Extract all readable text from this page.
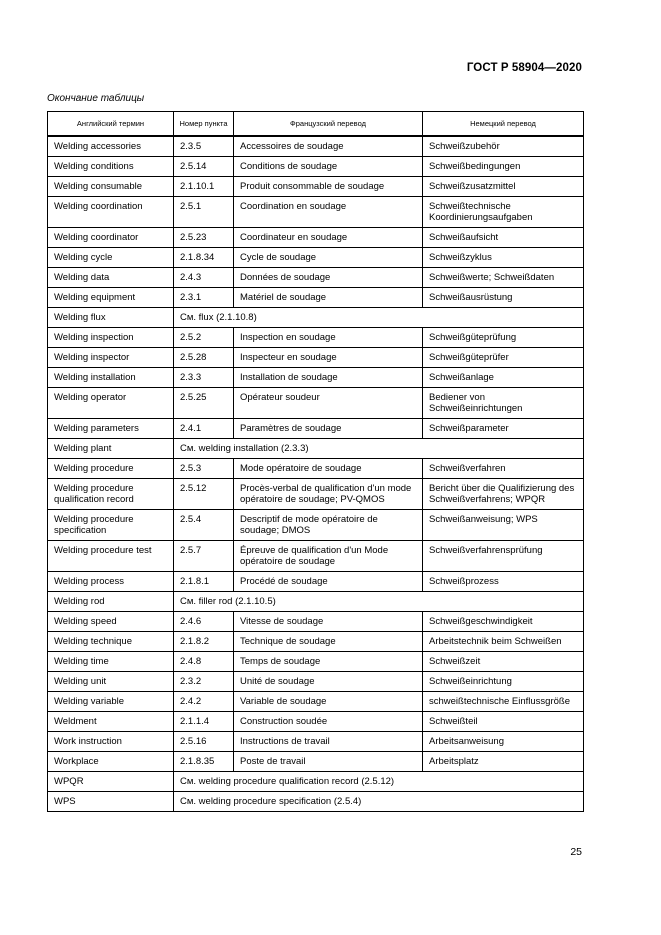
ГОСТ Р 58904—2020
Окончание таблицы
Английский термин	Номер пункта	Французский перевод	Немецкий перевод
Welding accessories	2.3.5	Accessoires de soudage	Schweißzubehör
Welding conditions	2.5.14	Conditions de soudage	Schweißbedingungen
Welding consumable	2.1.10.1	Produit consommable de soudage	Schweißzusatzmittel
Welding coordination	2.5.1	Coordination en soudage	Schweißtechnische Koordinierungsaufgaben
Welding coordinator	2.5.23	Coordinateur en soudage	Schweißaufsicht
Welding cycle	2.1.8.34	Cycle de soudage	Schweißzyklus
Welding data	2.4.3	Données de soudage	Schweißwerte; Schweißdaten
Welding equipment	2.3.1	Matériel de soudage	Schweißausrüstung
Welding flux	См. flux (2.1.10.8)		
Welding inspection	2.5.2	Inspection en soudage	Schweißgüteprüfung
Welding inspector	2.5.28	Inspecteur en soudage	Schweißgüteprüfer
Welding installation	2.3.3	Installation de soudage	Schweißanlage
Welding operator	2.5.25	Opérateur soudeur	Bediener von Schweißeinrichtungen
Welding parameters	2.4.1	Paramètres de soudage	Schweißparameter
Welding plant	См. welding installation (2.3.3)		
Welding procedure	2.5.3	Mode opératoire de soudage	Schweißverfahren
Welding procedure qualification record	2.5.12	Procès-verbal de qualification d'un mode opératoire de soudage; PV-QMOS	Bericht über die Qualifizierung des Schweißverfahrens; WPQR
Welding procedure specification	2.5.4	Descriptif de mode opératoire de soudage; DMOS	Schweißanweisung; WPS
Welding procedure test	2.5.7	Épreuve de qualification d'un Mode opératoire de soudage	Schweißverfahrensprüfung
Welding process	2.1.8.1	Procédé de soudage	Schweißprozess
Welding rod	См. filler rod (2.1.10.5)		
Welding speed	2.4.6	Vitesse de soudage	Schweißgeschwindigkeit
Welding technique	2.1.8.2	Technique de soudage	Arbeitstechnik beim Schweißen
Welding time	2.4.8	Temps de soudage	Schweißzeit
Welding unit	2.3.2	Unité de soudage	Schweißeinrichtung
Welding variable	2.4.2	Variable de soudage	schweißtechnische Einflussgröße
Weldment	2.1.1.4	Construction soudée	Schweißteil
Work instruction	2.5.16	Instructions de travail	Arbeitsanweisung
Workplace	2.1.8.35	Poste de travail	Arbeitsplatz
WPQR	См. welding procedure qualification record (2.5.12)		
WPS	См. welding procedure specification (2.5.4)		
25
